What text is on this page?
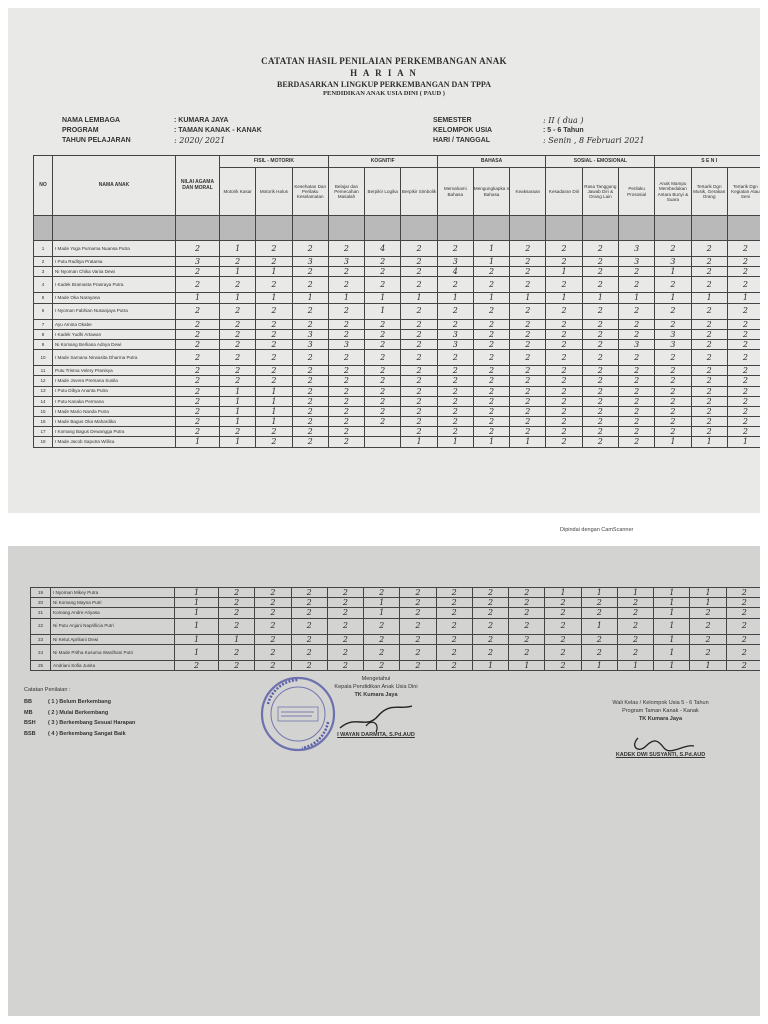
CATATAN HASIL PENILAIAN PERKEMBANGAN ANAK
H A R I A N
BERDASARKAN LINGKUP PERKEMBANGAN DAN TPPA
PENDIDIKAN ANAK USIA DINI ( PAUD )
NAMA LEMBAGA	: KUMARA JAYA
PROGRAM	: TAMAN KANAK - KANAK
TAHUN PELAJARAN	: 2020/ 2021
SEMESTER	: II ( dua )
KELOMPOK USIA	: 5 - 6 Tahun
HARI / TANGGAL	: Senin , 8 Februari 2021
NO	NAMA ANAK	NILAI AGAMA DAN MORAL	FISIL - MOTORIK			KOGNITIF			BAHASA			SOSIAL - EMOSIONAL			S E N I		
			Motorik Kasar	Motorik Halus	Kesehatan Dan Perilaku Keselamatan	Belajar dan Pemecahan Masalah	Berpikir Logika	Berpikir Simbolik	Memahami Bahasa	Mengungkapka n Bahasa	Keaksaraan	Kesadaran Diri	Rasa Tanggung Jawab Diri & Orang Lain	Perilaku Prososial	Anak Mampu Membedakan Antara Bunyi & Suara	Tertarik Dgn Musik, Gerakan Orang	Tertarik Dgn Kegiatan Atau Seni

1	I Made Yoga Purnama Nuansa Putra	2	1	2	2	2	4	2	2	1	2	2	2	3	2	2	2
2	I Putu Raditya Pratama	3	2	2	3	3	2	2	3	1	2	2	2	3	3	2	2
3	Ni Nyoman Chika Vania Dewi	2	1	1	2	2	2	2	4	2	2	1	2	2	1	2	2
4	I Kadek Bramasta Prasraya Putra	2	2	2	2	2	2	2	2	2	2	2	2	2	2	2	2
5	I Made Oka Narayana	1	1	1	1	1	1	1	1	1	1	1	1	1	1	1	1
6	I Nyoman Fabhian Nusanjaya Putra	2	2	2	2	2	1	2	2	2	2	2	2	2	2	2	2
7	Ayu Amina Okabe	2	2	2	2	2	2	2	2	2	2	2	2	2	2	2	2
8	I Kadek Yudhi Artawan	2	2	2	3	2	2	2	3	2	2	2	2	2	3	2	2
9	Ni Komang Berliana Adnya Dewi	2	2	2	3	3	2	2	3	2	2	2	2	3	3	2	2
10	I Made Samana Nirwasita Dharma Putra	2	2	2	2	2	2	2	2	2	2	2	2	2	2	2	2
11	Putu Trisma Velery Pranisya	2	2	2	2	2	2	2	2	2	2	2	2	2	2	2	2
12	I Made Jovera Premana Susila	2	2	2	2	2	2	2	2	2	2	2	2	2	2	2	2
13	I Putu Dibya Ananta Putra	2	1	1	2	2	2	2	2	2	2	2	2	2	2	2	2
14	I Putu Kanaka Permana	2	1	1	2	2	2	2	2	2	2	2	2	2	2	2	2
15	I Made Mario Nanda Putra	2	1	1	2	2	2	2	2	2	2	2	2	2	2	2	2
16	I Made Bagus Oka Mahardika	2	1	1	2	2	2	2	2	2	2	2	2	2	2	2	2
17	I Komang Bagus Dewangga Putra	2	2	2	2	2		2	2	2	2	2	2	2	2	2	2
18	I Made Jacob Saputra Willica	1	1	2	2	2		1	1	1	1	2	2	2	1	1	1
Dipindai dengan CamScanner
19	I Nyoman Mikey Putra	1	2	2	2	2	2	2	2	2	2	1	1	1	1	1	2
20	Ni Komang Mayna Putri	1	2	2	2	2	1	2	2	2	2	2	2	2	1	1	2
21	Komang Andre Ariyasa	1	2	2	2	2	1	2	2	2	2	2	2	2	1	2	2
22	Ni Putu Anjani Naprillicia Putri	1	2	2	2	2	2	2	2	2	2	2	1	2	1	2	2
23	Ni Ketut Apriliani Dewi	1	1	2	2	2	2	2	2	2	2	2	2	2	1	2	2
24	Ni Made Pritha Kusuma Wardhani Putri	1	2	2	2	2	2	2	2	2	2	2	2	2	1	2	2
25	Andriani Sofia Junita	2	2	2	2	2	2	2	2	1	1	2	1	1	1	1	2
Catatan Penilaian :
BB	( 1 ) Belum Berkembang
MB	( 2 ) Mulai Berkembang
BSH	( 3 ) Berkembang Sesuai Harapan
BSB	( 4 ) Berkembang Sangat Baik
Mengetahui
Kepala Pendidikan Anak Usia Dini
TK Kumara Jaya
I WAYAN DARMITA, S.Pd.AUD
Wali Kelas / Kelompok Usia 5 - 6 Tahun
Program Taman Kanak - Kanak
TK Kumara Jaya
KADEK DWI SUSYANTI, S.Pd.AUD
